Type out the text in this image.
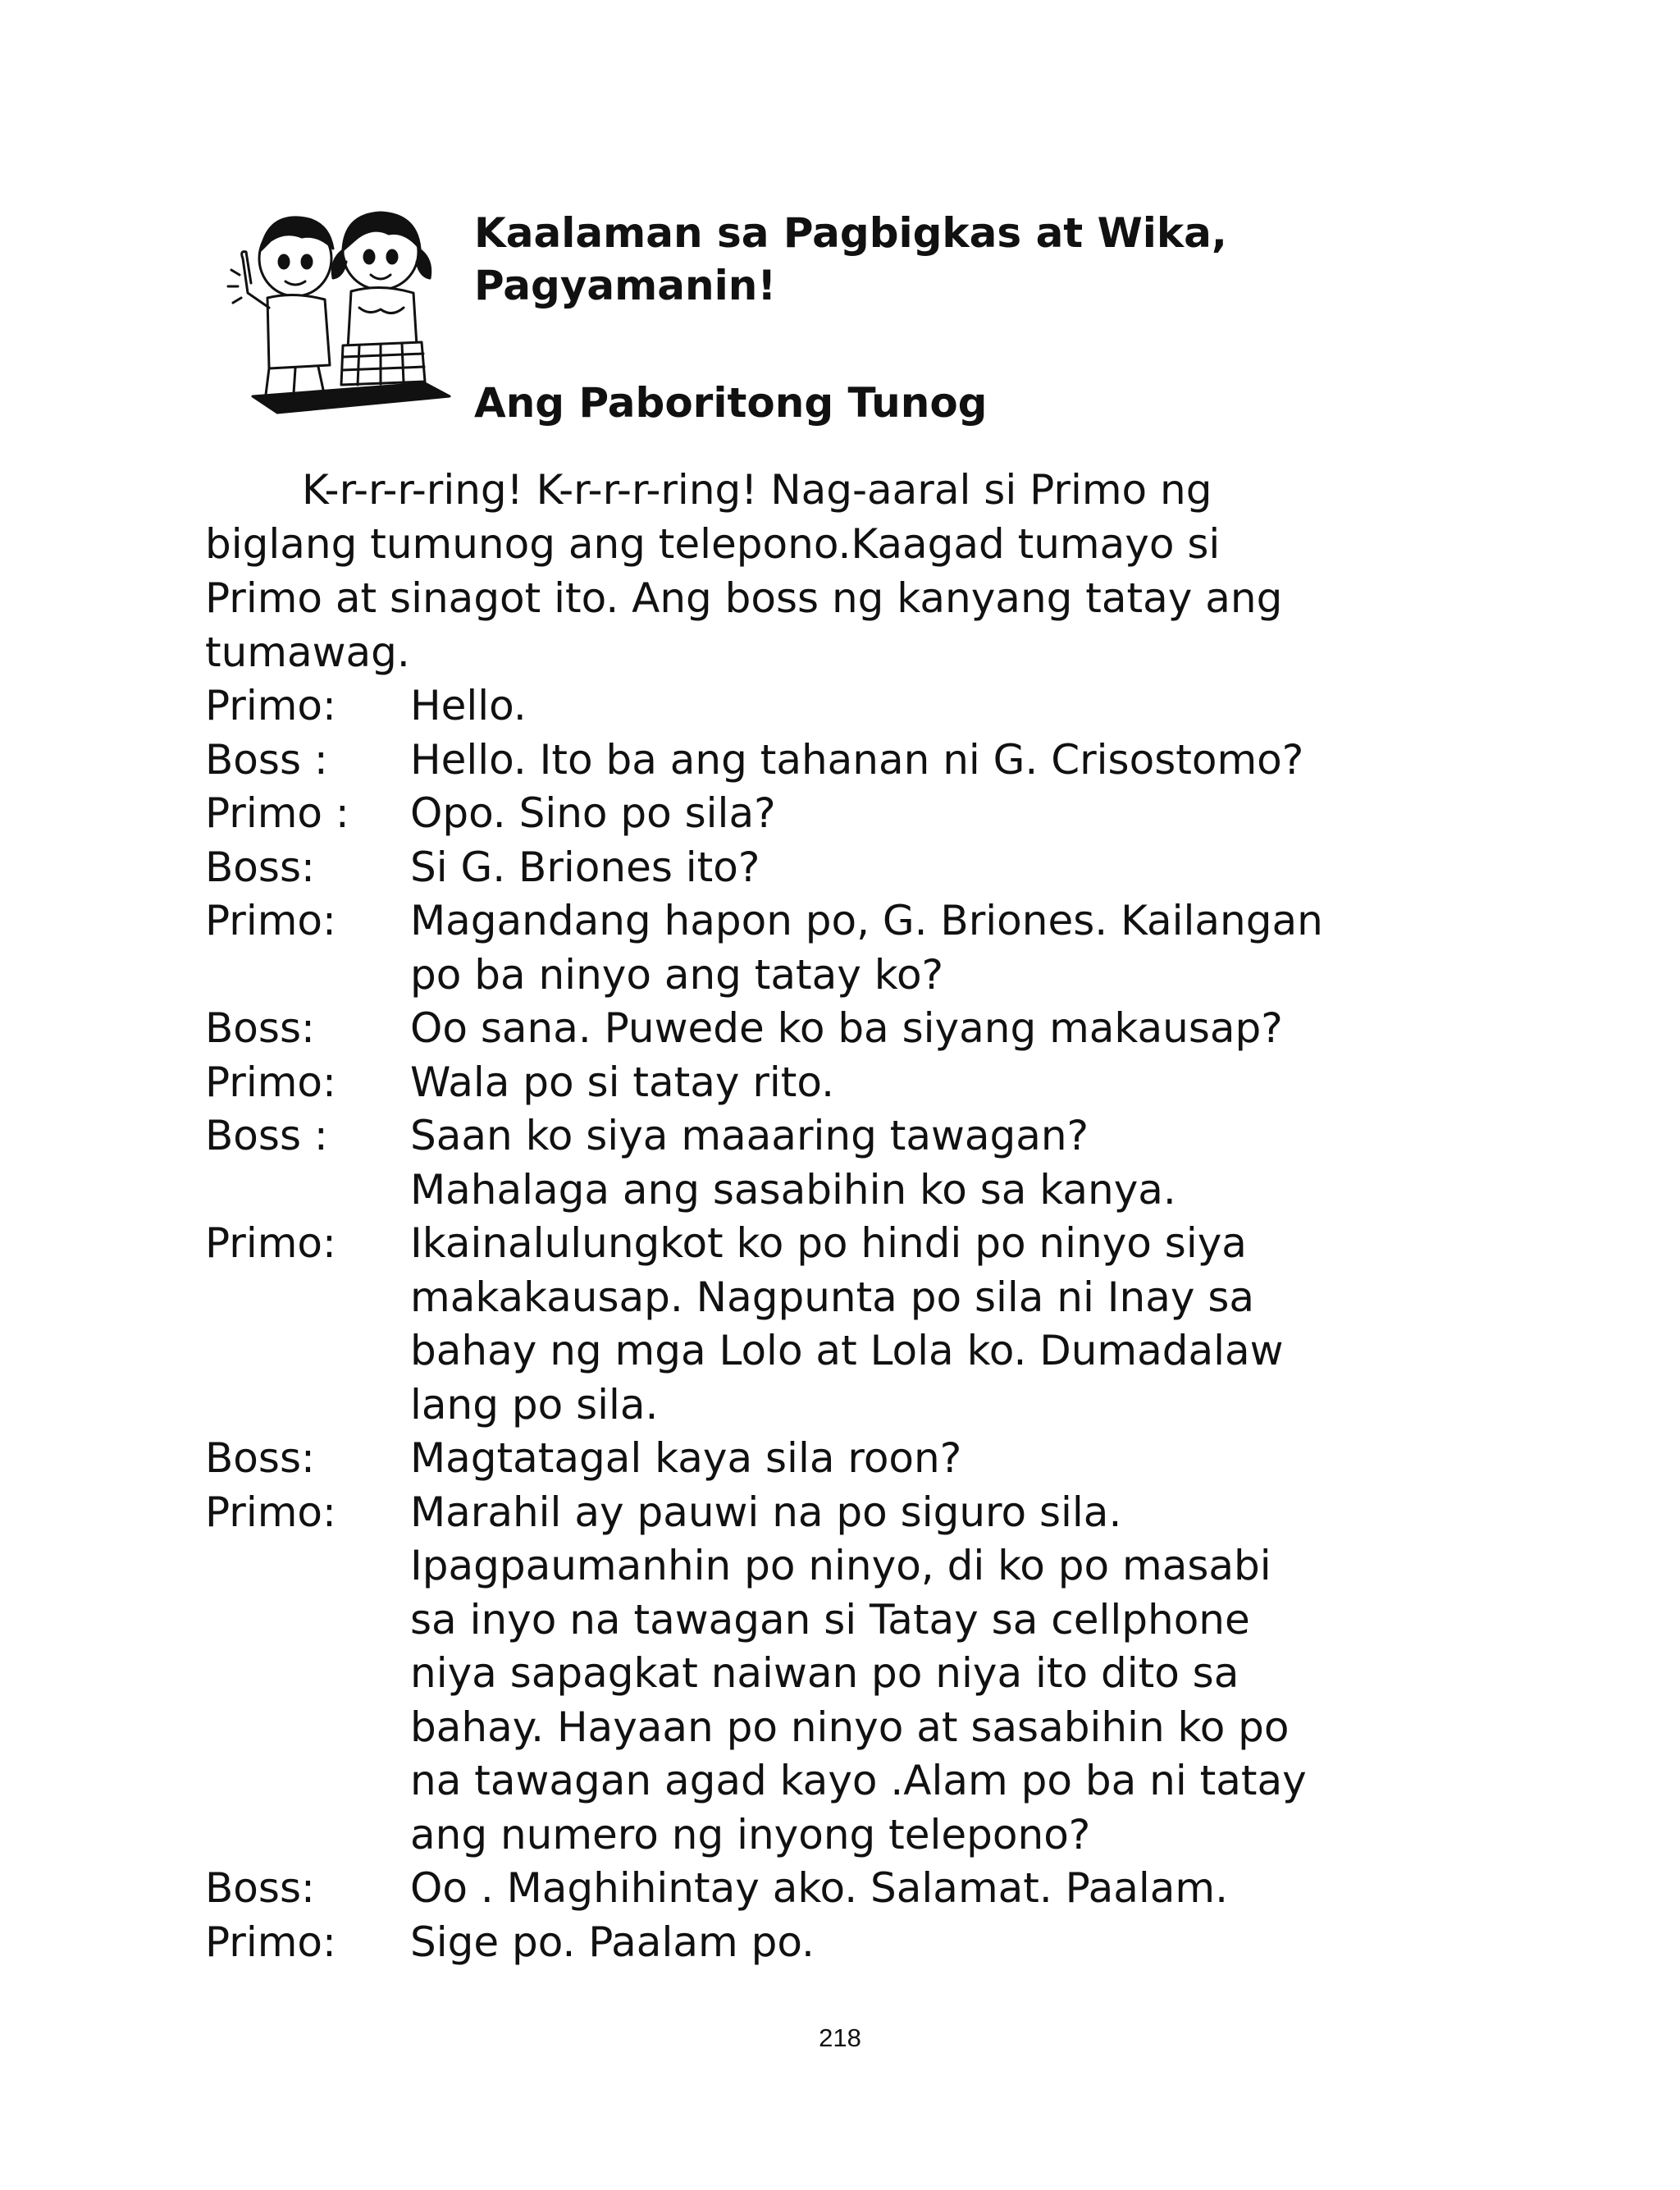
Kaalaman sa Pagbigkas at Wika,
Pagyamanin!
Ang Paboritong Tunog
K-r-r-r-ring! K-r-r-r-ring! Nag-aaral si Primo ng
biglang tumunog ang telepono.Kaagad tumayo si
Primo at sinagot ito. Ang boss ng kanyang tatay ang
tumawag.
Primo:	Hello.
Boss :	Hello. Ito ba ang tahanan ni G. Crisostomo?
Primo :	Opo. Sino po sila?
Boss:	Si G. Briones ito?
Primo:	Magandang hapon po, G. Briones. Kailangan
po ba ninyo ang tatay ko?
Boss:	Oo sana. Puwede ko ba siyang makausap?
Primo:	Wala po si tatay rito.
Boss :	Saan ko siya maaaring tawagan?
Mahalaga ang sasabihin ko sa kanya.
Primo:	Ikainalulungkot ko po hindi po ninyo siya
makakausap. Nagpunta po sila ni Inay sa
bahay ng mga Lolo at Lola ko. Dumadalaw
lang po sila.
Boss:	Magtatagal kaya sila roon?
Primo:	Marahil ay pauwi na po siguro sila.
Ipagpaumanhin po ninyo, di ko po masabi
sa inyo na tawagan si Tatay sa cellphone
niya sapagkat naiwan po niya ito dito sa
bahay. Hayaan po ninyo at sasabihin ko po
na tawagan agad kayo .Alam po ba ni tatay
ang numero ng inyong telepono?
Boss:	Oo . Maghihintay ako. Salamat. Paalam.
Primo:	Sige po. Paalam po.
218
